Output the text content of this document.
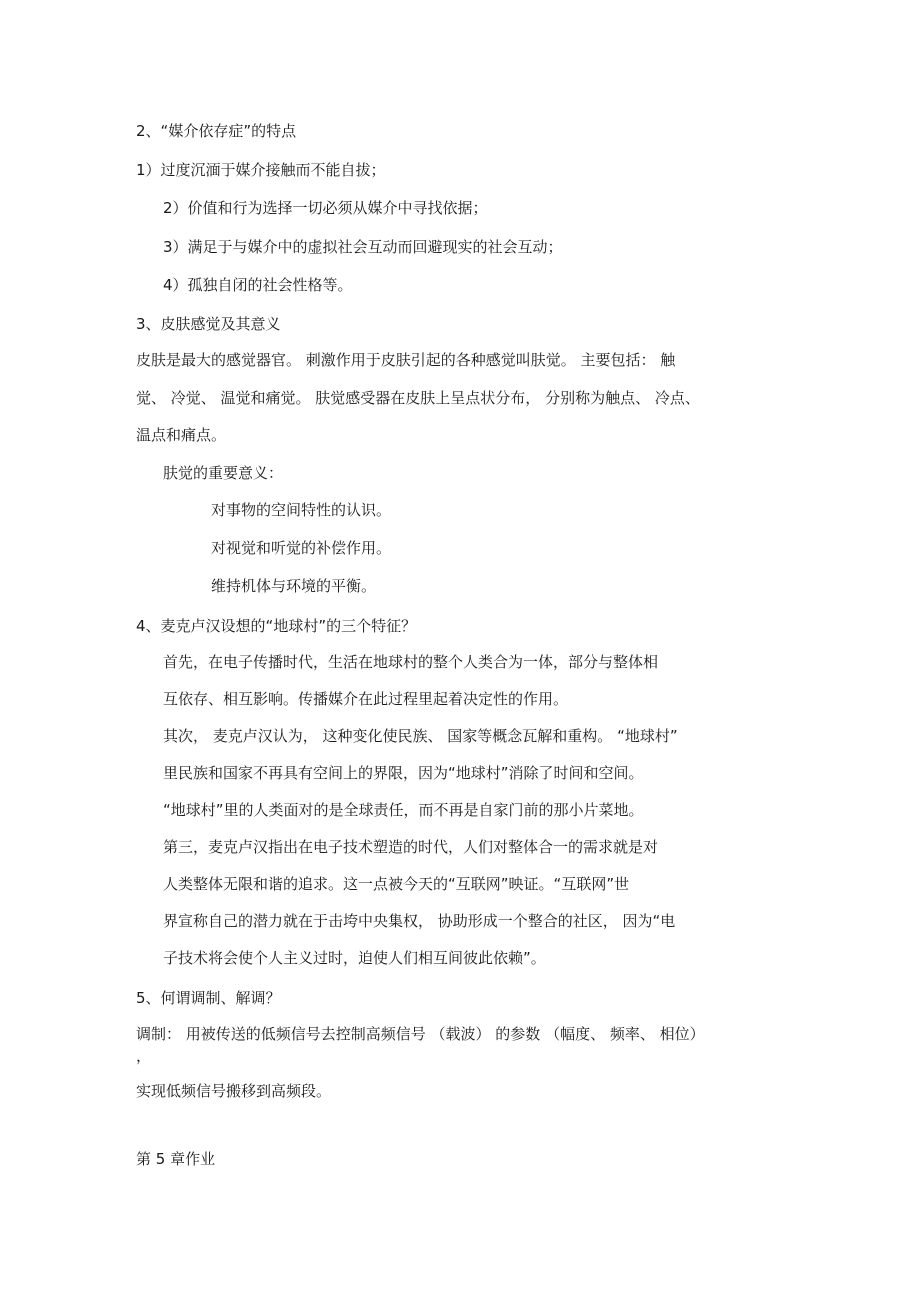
2、“媒介依存症”的特点
1）过度沉湎于媒介接触而不能自拔；
2）价值和行为选择一切必须从媒介中寻找依据；
3）满足于与媒介中的虚拟社会互动而回避现实的社会互动；
4）孤独自闭的社会性格等。
3、皮肤感觉及其意义
皮肤是最大的感觉器官。 刺激作用于皮肤引起的各种感觉叫肤觉。 主要包括： 触
觉、 冷觉、 温觉和痛觉。 肤觉感受器在皮肤上呈点状分布， 分别称为触点、 冷点、
温点和痛点。
肤觉的重要意义：
对事物的空间特性的认识。
对视觉和听觉的补偿作用。
维持机体与环境的平衡。
4、麦克卢汉设想的“地球村”的三个特征？
首先，在电子传播时代，生活在地球村的整个人类合为一体，部分与整体相
互依存、相互影响。传播媒介在此过程里起着决定性的作用。
其次， 麦克卢汉认为， 这种变化使民族、 国家等概念瓦解和重构。 “地球村”
里民族和国家不再具有空间上的界限，因为“地球村”消除了时间和空间。
“地球村”里的人类面对的是全球责任，而不再是自家门前的那小片菜地。
第三，麦克卢汉指出在电子技术塑造的时代，人们对整体合一的需求就是对
人类整体无限和谐的追求。这一点被今天的“互联网”映证。“互联网”世
界宣称自己的潜力就在于击垮中央集权， 协助形成一个整合的社区， 因为“电
子技术将会使个人主义过时，迫使人们相互间彼此依赖”。
5、何谓调制、解调？
调制： 用被传送的低频信号去控制高频信号 （载波） 的参数 （幅度、 频率、 相位）
，
实现低频信号搬移到高频段。
第 5 章作业
